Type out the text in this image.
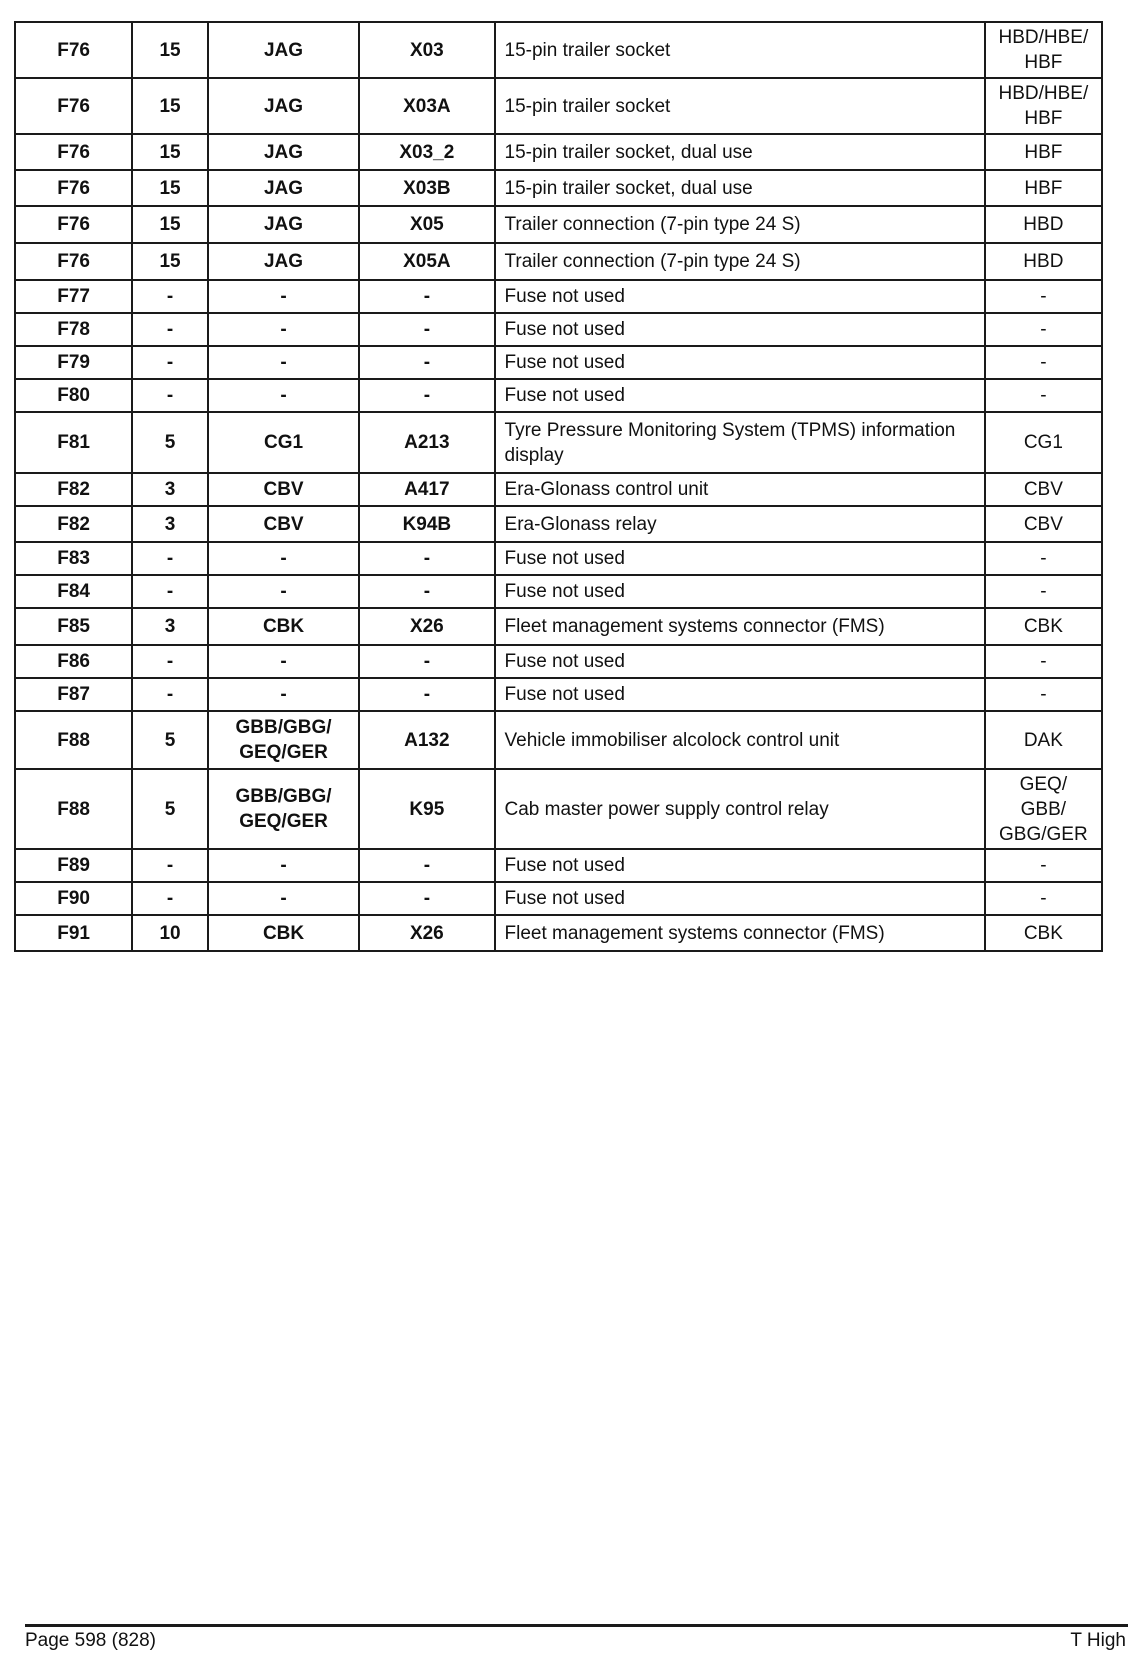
F76	15	JAG	X03	15-pin trailer socket	HBD/HBE/
HBF
F76	15	JAG	X03A	15-pin trailer socket	HBD/HBE/
HBF
F76	15	JAG	X03_2	15-pin trailer socket, dual use	HBF
F76	15	JAG	X03B	15-pin trailer socket, dual use	HBF
F76	15	JAG	X05	Trailer connection (7-pin type 24 S)	HBD
F76	15	JAG	X05A	Trailer connection (7-pin type 24 S)	HBD
F77	-	-	-	Fuse not used	-
F78	-	-	-	Fuse not used	-
F79	-	-	-	Fuse not used	-
F80	-	-	-	Fuse not used	-
F81	5	CG1	A213	Tyre Pressure Monitoring System (TPMS) information display	CG1
F82	3	CBV	A417	Era-Glonass control unit	CBV
F82	3	CBV	K94B	Era-Glonass relay	CBV
F83	-	-	-	Fuse not used	-
F84	-	-	-	Fuse not used	-
F85	3	CBK	X26	Fleet management systems connector (FMS)	CBK
F86	-	-	-	Fuse not used	-
F87	-	-	-	Fuse not used	-
F88	5	GBB/GBG/
GEQ/GER	A132	Vehicle immobiliser alcolock control unit	DAK
F88	5	GBB/GBG/
GEQ/GER	K95	Cab master power supply control relay	GEQ/
GBB/
GBG/GER
F89	-	-	-	Fuse not used	-
F90	-	-	-	Fuse not used	-
F91	10	CBK	X26	Fleet management systems connector (FMS)	CBK
Page 598 (828)	T High
